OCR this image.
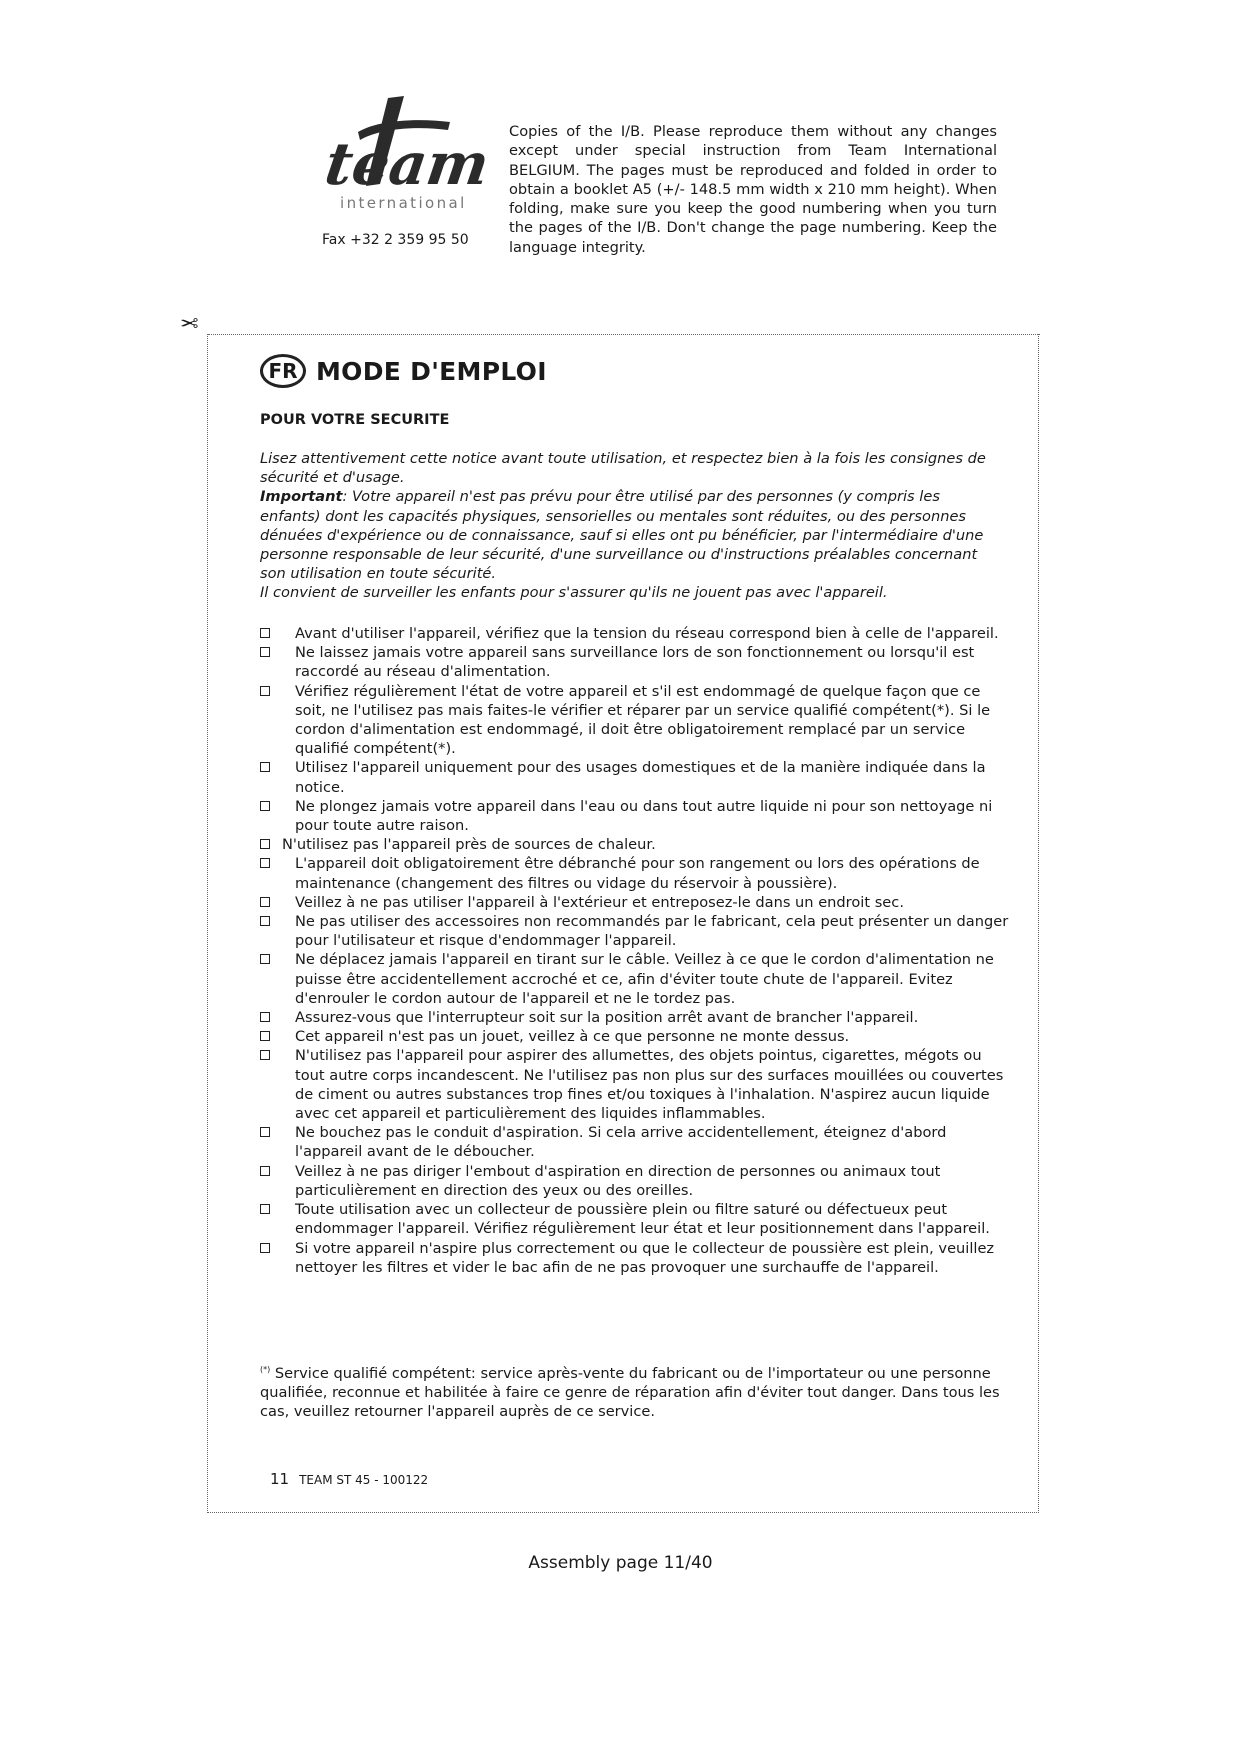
team
international
Fax +32 2 359 95 50
Copies of the I/B. Please reproduce them without any changes except under special instruction from Team International BELGIUM. The pages must be reproduced and folded in order to obtain a booklet A5 (+/- 148.5 mm width x 210 mm height). When folding, make sure you keep the good numbering when you turn the pages of the I/B. Don't change the page numbering. Keep the language integrity.
✂
FR MODE D'EMPLOI
POUR VOTRE SECURITE

Lisez attentivement cette notice avant toute utilisation, et respectez bien à la fois les consignes de sécurité et d'usage.

Important: Votre appareil n'est pas prévu pour être utilisé par des personnes (y compris les enfants) dont les capacités physiques, sensorielles ou mentales sont réduites, ou des personnes dénuées d'expérience ou de connaissance, sauf si elles ont pu bénéficier, par l'intermédiaire d'une personne responsable de leur sécurité, d'une surveillance ou d'instructions préalables concernant son utilisation en toute sécurité.

Il convient de surveiller les enfants pour s'assurer qu'ils ne jouent pas avec l'appareil.

Avant d'utiliser l'appareil, vérifiez que la tension du réseau correspond bien à celle de l'appareil.
Ne laissez jamais votre appareil sans surveillance lors de son fonctionnement ou lorsqu'il est raccordé au réseau d'alimentation.
Vérifiez régulièrement l'état de votre appareil et s'il est endommagé de quelque façon que ce soit, ne l'utilisez pas mais faites-le vérifier et réparer par un service qualifié compétent(*). Si le cordon d'alimentation est endommagé, il doit être obligatoirement remplacé par un service qualifié compétent(*).
Utilisez l'appareil uniquement pour des usages domestiques et de la manière indiquée dans la notice.
Ne plongez jamais votre appareil dans l'eau ou dans tout autre liquide ni pour son nettoyage ni pour toute autre raison.
N'utilisez pas l'appareil près de sources de chaleur.
L'appareil doit obligatoirement être débranché pour son rangement ou lors des opérations de maintenance (changement des filtres ou vidage du réservoir à poussière).
Veillez à ne pas utiliser l'appareil à l'extérieur et entreposez-le dans un endroit sec.
Ne pas utiliser des accessoires non recommandés par le fabricant, cela peut présenter un danger pour l'utilisateur et risque d'endommager l'appareil.
Ne déplacez jamais l'appareil en tirant sur le câble. Veillez à ce que le cordon d'alimentation ne puisse être accidentellement accroché et ce, afin d'éviter toute chute de l'appareil. Evitez d'enrouler le cordon autour de l'appareil et ne le tordez pas.
Assurez-vous que l'interrupteur soit sur la position arrêt avant de brancher l'appareil.
Cet appareil n'est pas un jouet, veillez à ce que personne ne monte dessus.
N'utilisez pas l'appareil pour aspirer des allumettes, des objets pointus, cigarettes, mégots ou tout autre corps incandescent. Ne l'utilisez pas non plus sur des surfaces mouillées ou couvertes de ciment ou autres substances trop fines et/ou toxiques à l'inhalation. N'aspirez aucun liquide avec cet appareil et particulièrement des liquides inflammables.
Ne bouchez pas le conduit d'aspiration. Si cela arrive accidentellement, éteignez d'abord l'appareil avant de le déboucher.
Veillez à ne pas diriger l'embout d'aspiration en direction de personnes ou animaux tout particulièrement en direction des yeux ou des oreilles.
Toute utilisation avec un collecteur de poussière plein ou filtre saturé ou défectueux peut endommager l'appareil. Vérifiez régulièrement leur état et leur positionnement dans l'appareil.
Si votre appareil n'aspire plus correctement ou que le collecteur de poussière est plein, veuillez nettoyer les filtres et vider le bac afin de ne pas provoquer une surchauffe de l'appareil.
(*) Service qualifié compétent: service après-vente du fabricant ou de l'importateur ou une personne qualifiée, reconnue et habilitée à faire ce genre de réparation afin d'éviter tout danger. Dans tous les cas, veuillez retourner l'appareil auprès de ce service.
11 TEAM ST 45 - 100122
Assembly page 11/40
